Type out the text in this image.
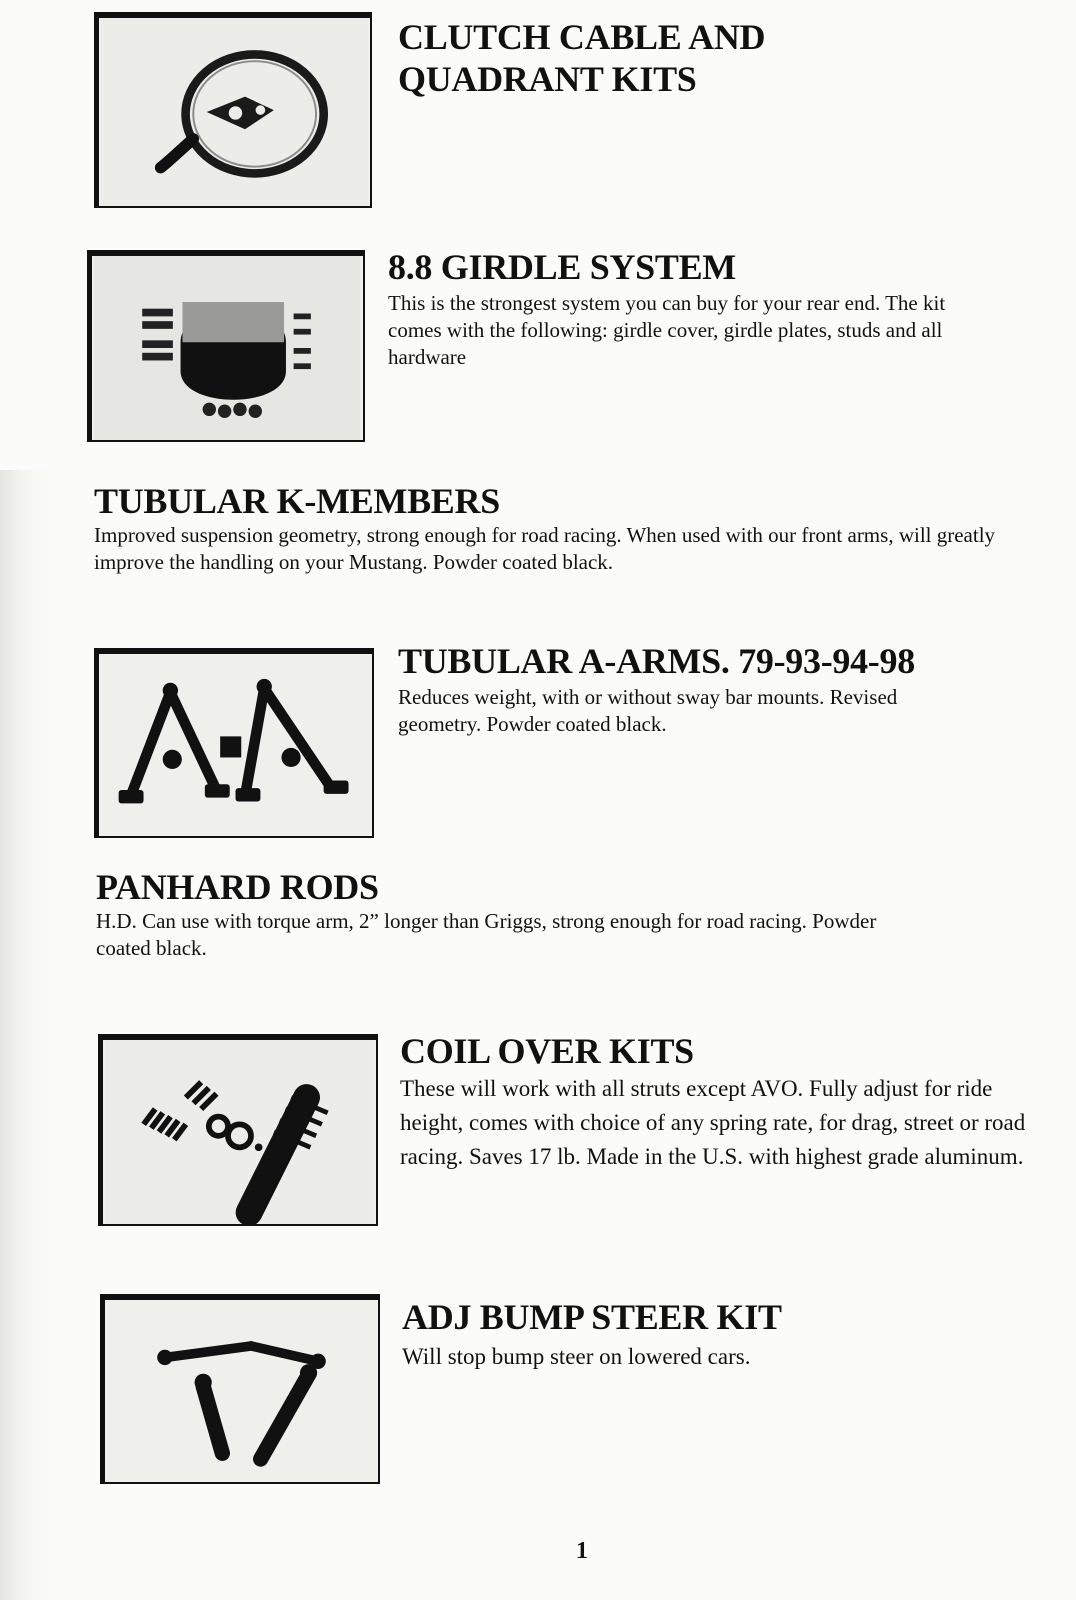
CLUTCH CABLE AND QUADRANT KITS
8.8 GIRDLE SYSTEM

This is the strongest system you can buy for your rear end. The kit comes with the following: girdle cover, girdle plates, studs and all hardware

TUBULAR K-MEMBERS

Improved suspension geometry, strong enough for road racing. When used with our front arms, will greatly improve the handling on your Mustang. Powder coated black.

TUBULAR A-ARMS. 79-93-94-98

Reduces weight, with or without sway bar mounts. Revised geometry. Powder coated black.

PANHARD RODS

H.D. Can use with torque arm, 2” longer than Griggs, strong enough for road racing. Powder coated black.

COIL OVER KITS

These will work with all struts except AVO. Fully adjust for ride height, comes with choice of any spring rate, for drag, street or road racing. Saves 17 lb. Made in the U.S. with highest grade aluminum.

ADJ BUMP STEER KIT

Will stop bump steer on lowered cars.

1
